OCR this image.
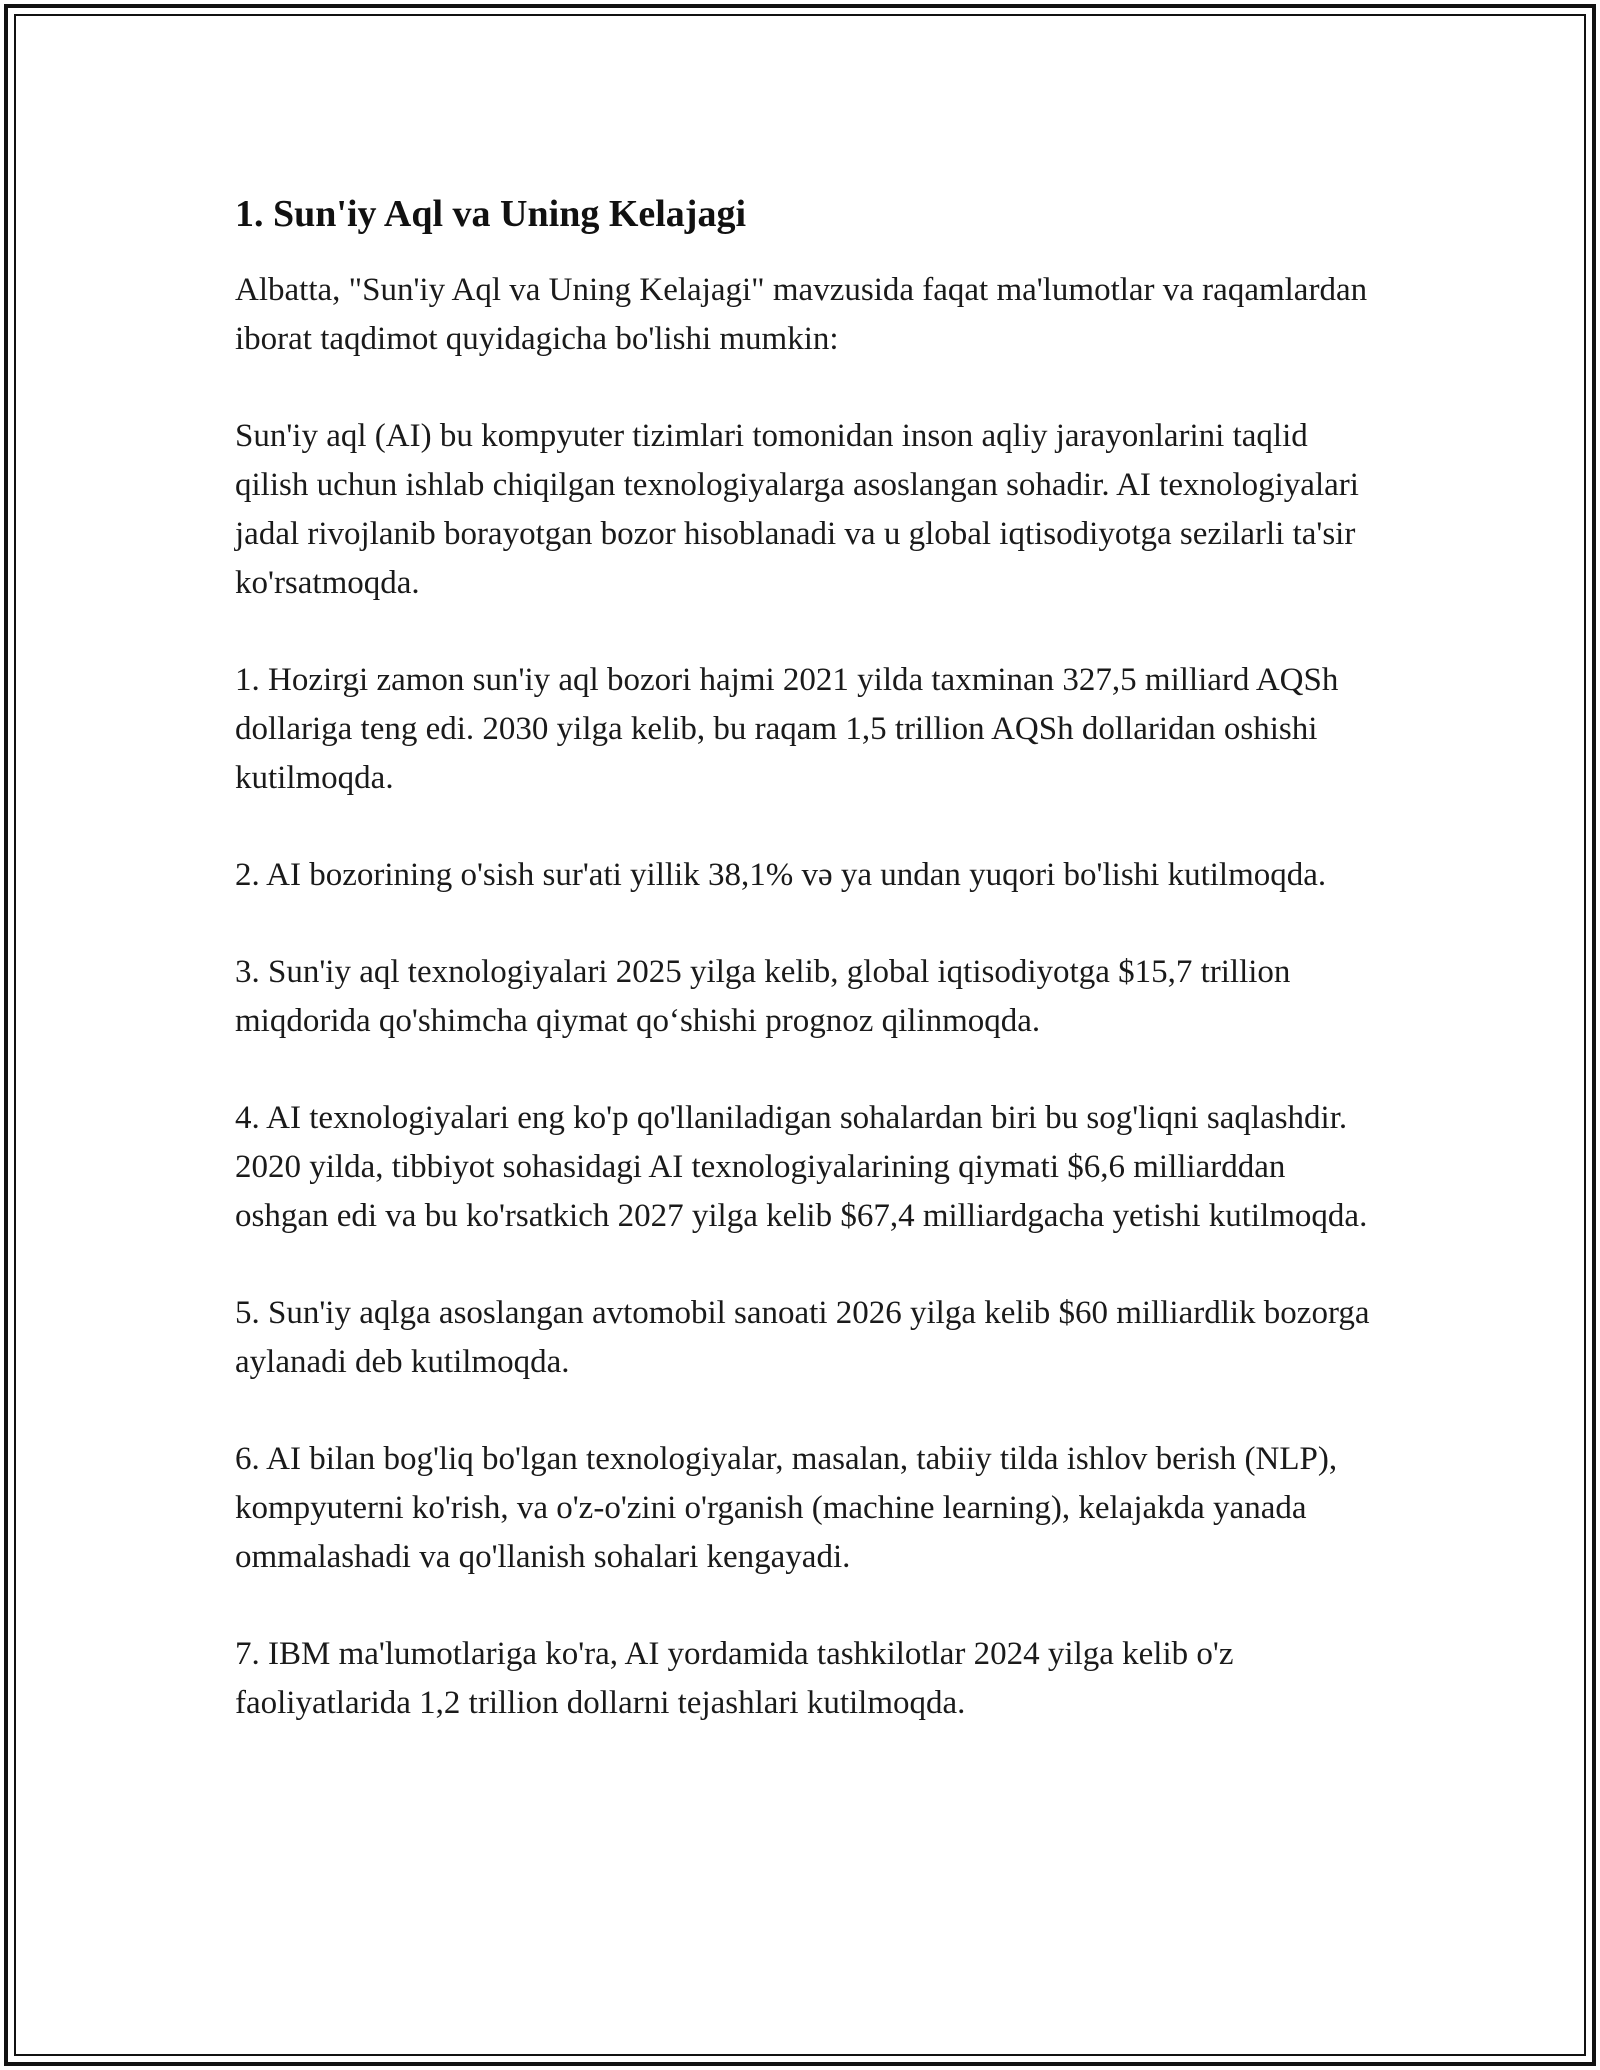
1. Sun'iy Aql va Uning Kelajagi

Albatta, "Sun'iy Aql va Uning Kelajagi" mavzusida faqat ma'lumotlar va raqamlardan iborat taqdimot quyidagicha bo'lishi mumkin:

Sun'iy aql (AI) bu kompyuter tizimlari tomonidan inson aqliy jarayonlarini taqlid qilish uchun ishlab chiqilgan texnologiyalarga asoslangan sohadir. AI texnologiyalari jadal rivojlanib borayotgan bozor hisoblanadi va u global iqtisodiyotga sezilarli ta'sir ko'rsatmoqda.

1. Hozirgi zamon sun'iy aql bozori hajmi 2021 yilda taxminan 327,5 milliard AQSh dollariga teng edi. 2030 yilga kelib, bu raqam 1,5 trillion AQSh dollaridan oshishi kutilmoqda.

2. AI bozorining o'sish sur'ati yillik 38,1% və ya undan yuqori bo'lishi kutilmoqda.

3. Sun'iy aql texnologiyalari 2025 yilga kelib, global iqtisodiyotga $15,7 trillion miqdorida qo'shimcha qiymat qo‘shishi prognoz qilinmoqda.

4. AI texnologiyalari eng ko'p qo'llaniladigan sohalardan biri bu sog'liqni saqlashdir. 2020 yilda, tibbiyot sohasidagi AI texnologiyalarining qiymati $6,6 milliarddan oshgan edi va bu ko'rsatkich 2027 yilga kelib $67,4 milliardgacha yetishi kutilmoqda.

5. Sun'iy aqlga asoslangan avtomobil sanoati 2026 yilga kelib $60 milliardlik bozorga aylanadi deb kutilmoqda.

6. AI bilan bog'liq bo'lgan texnologiyalar, masalan, tabiiy tilda ishlov berish (NLP), kompyuterni ko'rish, va o'z-o'zini o'rganish (machine learning), kelajakda yanada ommalashadi va qo'llanish sohalari kengayadi.

7. IBM ma'lumotlariga ko'ra, AI yordamida tashkilotlar 2024 yilga kelib o'z faoliyatlarida 1,2 trillion dollarni tejashlari kutilmoqda.
